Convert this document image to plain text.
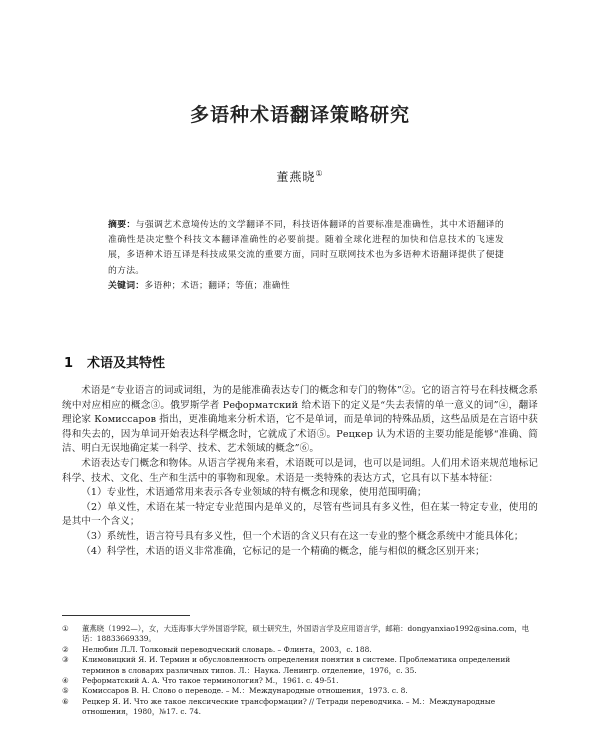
多语种术语翻译策略研究
董燕晓①
摘要：与强调艺术意境传达的文学翻译不同，科技语体翻译的首要标准是准确性，其中术语翻译的准确性是决定整个科技文本翻译准确性的必要前提。随着全球化进程的加快和信息技术的飞速发展，多语种术语互译是科技成果交流的重要方面，同时互联网技术也为多语种术语翻译提供了便捷的方法。
关键词：多语种；术语；翻译；等值；准确性
1 术语及其特性

术语是“专业语言的词或词组，为的是能准确表达专门的概念和专门的物体”②。它的语言符号在科技概念系统中对应相应的概念③。俄罗斯学者 Реформатский 给术语下的定义是“失去表情的单一意义的词”④，翻译理论家 Комиссаров 指出，更准确地来分析术语，它不是单词，而是单词的特殊品质，这些品质是在言语中获得和失去的，因为单词开始表达科学概念时，它就成了术语⑤。Рецкер 认为术语的主要功能是能够“准确、简洁、明白无误地确定某一科学、技术、艺术领域的概念”⑥。

术语表达专门概念和物体。从语言学视角来看，术语既可以是词，也可以是词组。人们用术语来规范地标记科学、技术、文化、生产和生活中的事物和现象。术语是一类特殊的表达方式，它具有以下基本特征：

（1）专业性，术语通常用来表示各专业领域的特有概念和现象，使用范围明确；

（2）单义性，术语在某一特定专业范围内是单义的，尽管有些词具有多义性，但在某一特定专业，使用的是其中一个含义；

（3）系统性，语言符号具有多义性，但一个术语的含义只有在这一专业的整个概念系统中才能具体化；

（4）科学性，术语的语义非常准确，它标记的是一个精确的概念，能与相似的概念区别开来；

①	董燕晓（1992—），女，大连海事大学外国语学院，硕士研究生，外国语言学及应用语言学，邮箱：dongyanxiao1992@sina.com，电话：18833669339。
②	Нелюбин Л.Л. Толковый переводческий словарь. – Флинта，2003，с. 188.
③	Климовицкий Я. И. Термин и обусловленность определения понятия в системе. Проблематика определений терминов в словарях различных типов. Л.：Наука. Ленингр. отделение，1976，с. 35.
④	Реформатский А. А. Что такое терминология? М.，1961. с. 49-51.
⑤	Комиссаров В. Н. Слово о переводе. – М.：Международные отношения，1973. с. 8.
⑥	Рецкер Я. И. Что же такое лексические трансформации? // Тетради переводчика. – М.：Международные отношения，1980，№17. с. 74.
